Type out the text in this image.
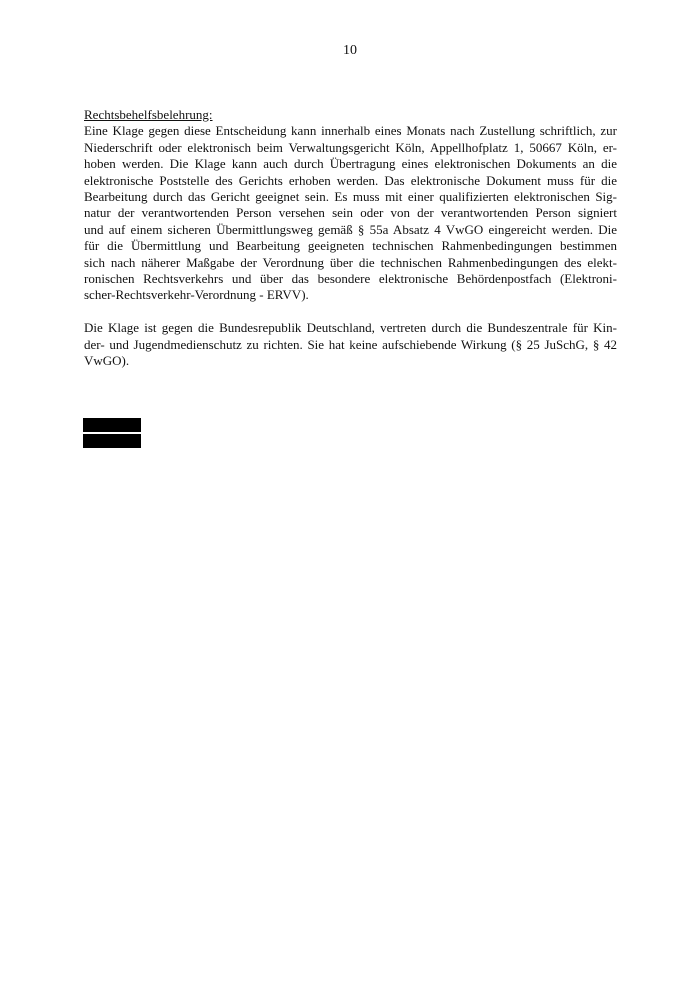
10
Rechtsbehelfsbelehrung:
Eine Klage gegen diese Entscheidung kann innerhalb eines Monats nach Zustellung schriftlich, zur
Niederschrift oder elektronisch beim Verwaltungsgericht Köln, Appellhofplatz 1, 50667 Köln, er-
hoben werden. Die Klage kann auch durch Übertragung eines elektronischen Dokuments an die
elektronische Poststelle des Gerichts erhoben werden. Das elektronische Dokument muss für die
Bearbeitung durch das Gericht geeignet sein. Es muss mit einer qualifizierten elektronischen Sig-
natur der verantwortenden Person versehen sein oder von der verantwortenden Person signiert
und auf einem sicheren Übermittlungsweg gemäß § 55a Absatz 4 VwGO eingereicht werden. Die
für die Übermittlung und Bearbeitung geeigneten technischen Rahmenbedingungen bestimmen
sich nach näherer Maßgabe der Verordnung über die technischen Rahmenbedingungen des elekt-
ronischen Rechtsverkehrs und über das besondere elektronische Behördenpostfach (Elektroni-
scher-Rechtsverkehr-Verordnung - ERVV).
Die Klage ist gegen die Bundesrepublik Deutschland, vertreten durch die Bundeszentrale für Kin-
der- und Jugendmedienschutz zu richten. Sie hat keine aufschiebende Wirkung (§ 25 JuSchG, § 42
VwGO).
